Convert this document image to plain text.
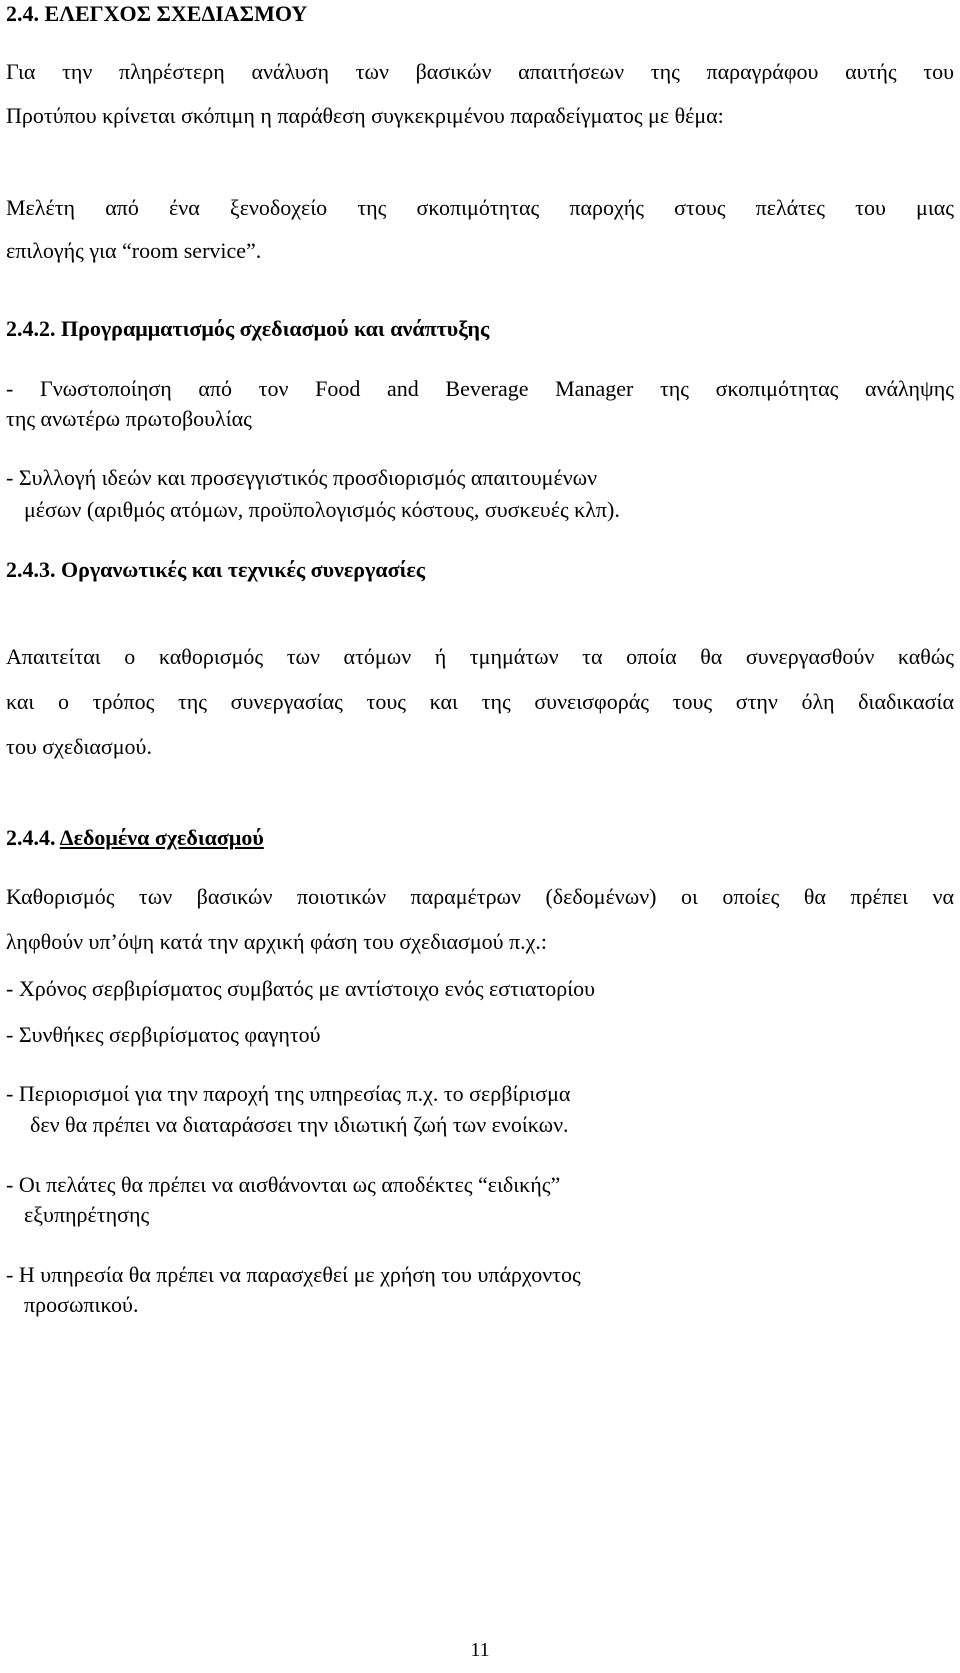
2.4. ΕΛΕΓΧΟΣ ΣΧΕΔΙΑΣΜΟΥ

Για την πληρέστερη ανάλυση των βασικών απαιτήσεων της παραγράφου αυτής του

Προτύπου κρίνεται σκόπιμη η παράθεση συγκεκριμένου παραδείγματος με θέμα:

Μελέτη από ένα ξενοδοχείο της σκοπιμότητας παροχής στους πελάτες του μιας

επιλογής για “room service”.

2.4.2. Προγραμματισμός σχεδιασμού και ανάπτυξης

- Γνωστοποίηση από τον Food and Beverage Manager της σκοπιμότητας ανάληψης

της ανωτέρω πρωτοβουλίας

- Συλλογή ιδεών και προσεγγιστικός προσδιορισμός απαιτουμένων

μέσων (αριθμός ατόμων, προϋπολογισμός κόστους, συσκευές κλπ).

2.4.3. Οργανωτικές και τεχνικές συνεργασίες

Απαιτείται ο καθορισμός των ατόμων ή τμημάτων τα οποία θα συνεργασθούν καθώς

και ο τρόπος της συνεργασίας τους και της συνεισφοράς τους στην όλη διαδικασία

του σχεδιασμού.

2.4.4. Δεδομένα σχεδιασμού

Καθορισμός των βασικών ποιοτικών παραμέτρων (δεδομένων) οι οποίες θα πρέπει να

ληφθούν υπ’όψη κατά την αρχική φάση του σχεδιασμού π.χ.:

- Χρόνος σερβιρίσματος συμβατός με αντίστοιχο ενός εστιατορίου

- Συνθήκες σερβιρίσματος φαγητού

- Περιορισμοί για την παροχή της υπηρεσίας π.χ. το σερβίρισμα

δεν θα πρέπει να διαταράσσει την ιδιωτική ζωή των ενοίκων.

- Οι πελάτες θα πρέπει να αισθάνονται ως αποδέκτες “ειδικής”

εξυπηρέτησης

- Η υπηρεσία θα πρέπει να παρασχεθεί με χρήση του υπάρχοντος

προσωπικού.

11
